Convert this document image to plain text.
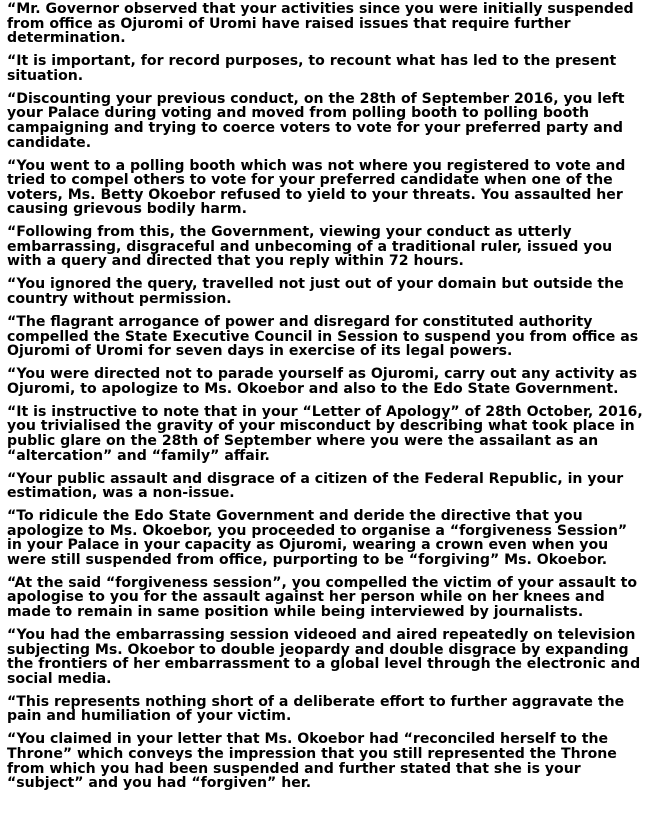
“Mr. Governor observed that your activities since you were initially suspended from office as Ojuromi of Uromi have raised issues that require further determination.

“It is important, for record purposes, to recount what has led to the present situation.

“Discounting your previous conduct, on the 28th of September 2016, you left your Palace during voting and moved from polling booth to polling booth campaigning and trying to coerce voters to vote for your preferred party and candidate.

“You went to a polling booth which was not where you registered to vote and tried to compel others to vote for your preferred candidate when one of the voters, Ms. Betty Okoebor refused to yield to your threats. You assaulted her causing grievous bodily harm.

“Following from this, the Government, viewing your conduct as utterly embarrassing, disgraceful and unbecoming of a traditional ruler, issued you with a query and directed that you reply within 72 hours.

“You ignored the query, travelled not just out of your domain but outside the country without permission.

“The flagrant arrogance of power and disregard for constituted authority compelled the State Executive Council in Session to suspend you from office as Ojuromi of Uromi for seven days in exercise of its legal powers.

“You were directed not to parade yourself as Ojuromi, carry out any activity as Ojuromi, to apologize to Ms. Okoebor and also to the Edo State Government.

“It is instructive to note that in your “Letter of Apology” of 28th October, 2016, you trivialised the gravity of your misconduct by describing what took place in public glare on the 28th of September where you were the assailant as an “altercation” and “family” affair.

“Your public assault and disgrace of a citizen of the Federal Republic, in your estimation, was a non-issue.

“To ridicule the Edo State Government and deride the directive that you apologize to Ms. Okoebor, you proceeded to organise a “forgiveness Session” in your Palace in your capacity as Ojuromi, wearing a crown even when you were still suspended from office, purporting to be “forgiving” Ms. Okoebor.

“At the said “forgiveness session”, you compelled the victim of your assault to apologise to you for the assault against her person while on her knees and made to remain in same position while being interviewed by journalists.

“You had the embarrassing session videoed and aired repeatedly on television subjecting Ms. Okoebor to double jeopardy and double disgrace by expanding the frontiers of her embarrassment to a global level through the electronic and social media.

“This represents nothing short of a deliberate effort to further aggravate the pain and humiliation of your victim.

“You claimed in your letter that Ms. Okoebor had “reconciled herself to the Throne” which conveys the impression that you still represented the Throne from which you had been suspended and further stated that she is your “subject” and you had “forgiven” her.
